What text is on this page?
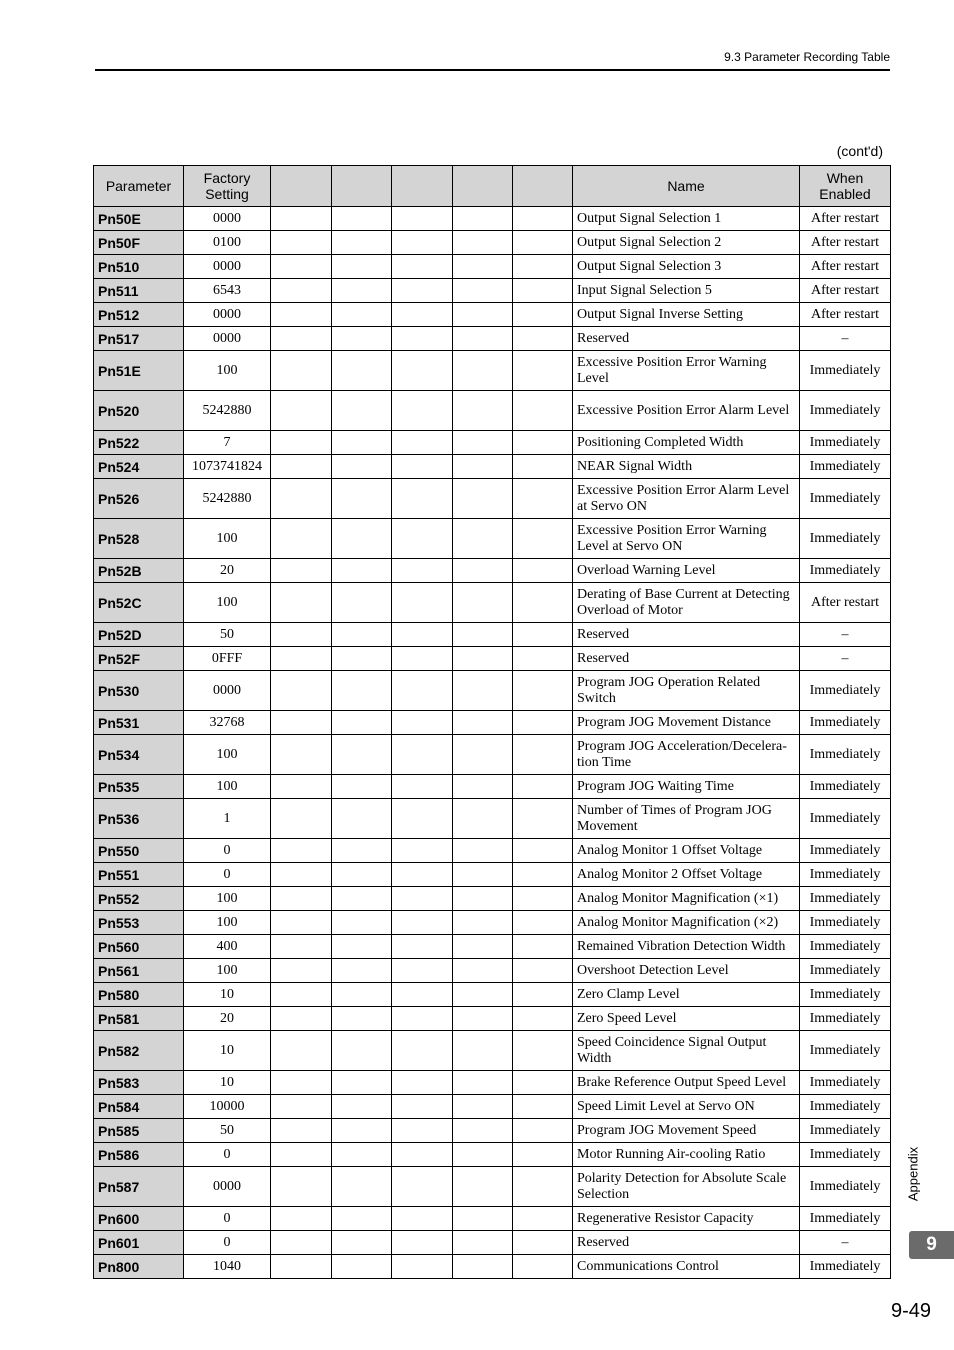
9.3 Parameter Recording Table
(cont'd)
Parameter	Factory Setting						Name	When Enabled
Pn50E	0000						Output Signal Selection 1	After restart
Pn50F	0100						Output Signal Selection 2	After restart
Pn510	0000						Output Signal Selection 3	After restart
Pn511	6543						Input Signal Selection 5	After restart
Pn512	0000						Output Signal Inverse Setting	After restart
Pn517	0000						Reserved	–
Pn51E	100						Excessive Position Error Warning Level	Immediately
Pn520	5242880						Excessive Position Error Alarm Level	Immediately
Pn522	7						Positioning Completed Width	Immediately
Pn524	1073741824						NEAR Signal Width	Immediately
Pn526	5242880						Excessive Position Error Alarm Level at Servo ON	Immediately
Pn528	100						Excessive Position Error Warning Level at Servo ON	Immediately
Pn52B	20						Overload Warning Level	Immediately
Pn52C	100						Derating of Base Current at Detecting Overload of Motor	After restart
Pn52D	50						Reserved	–
Pn52F	0FFF						Reserved	–
Pn530	0000						Program JOG Operation Related Switch	Immediately
Pn531	32768						Program JOG Movement Distance	Immediately
Pn534	100						Program JOG Acceleration/Decelera- tion Time	Immediately
Pn535	100						Program JOG Waiting Time	Immediately
Pn536	1						Number of Times of Program JOG Movement	Immediately
Pn550	0						Analog Monitor 1 Offset Voltage	Immediately
Pn551	0						Analog Monitor 2 Offset Voltage	Immediately
Pn552	100						Analog Monitor Magnification (×1)	Immediately
Pn553	100						Analog Monitor Magnification (×2)	Immediately
Pn560	400						Remained Vibration Detection Width	Immediately
Pn561	100						Overshoot Detection Level	Immediately
Pn580	10						Zero Clamp Level	Immediately
Pn581	20						Zero Speed Level	Immediately
Pn582	10						Speed Coincidence Signal Output Width	Immediately
Pn583	10						Brake Reference Output Speed Level	Immediately
Pn584	10000						Speed Limit Level at Servo ON	Immediately
Pn585	50						Program JOG Movement Speed	Immediately
Pn586	0						Motor Running Air-cooling Ratio	Immediately
Pn587	0000						Polarity Detection for Absolute Scale Selection	Immediately
Pn600	0						Regenerative Resistor Capacity	Immediately
Pn601	0						Reserved	–
Pn800	1040						Communications Control	Immediately
Appendix
9
9-49
